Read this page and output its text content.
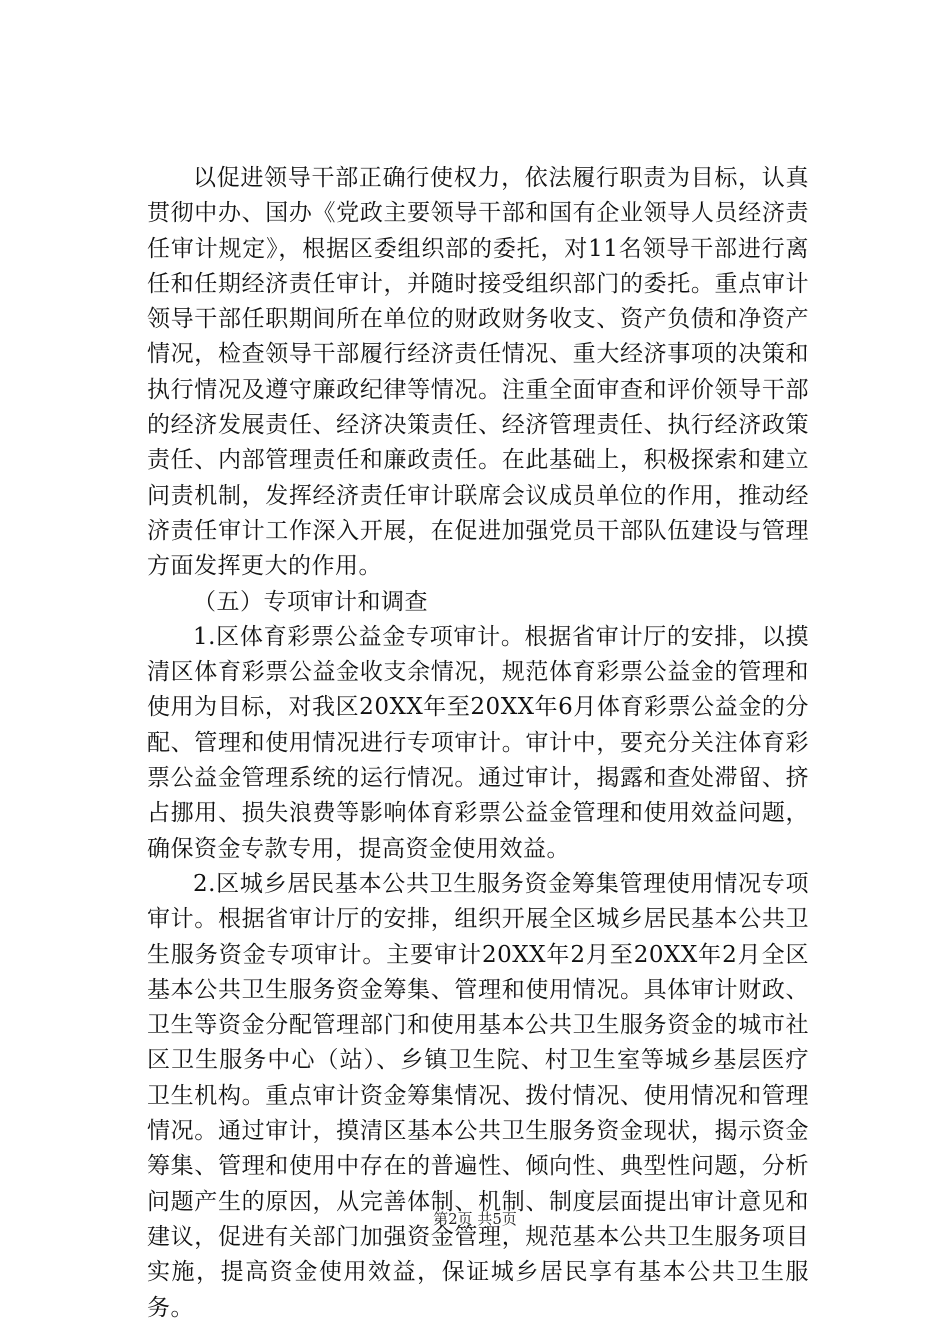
以促进领导干部正确行使权力，依法履行职责为目标，认真贯彻中办、国办《党政主要领导干部和国有企业领导人员经济责任审计规定》，根据区委组织部的委托，对11名领导干部进行离任和任期经济责任审计，并随时接受组织部门的委托。重点审计领导干部任职期间所在单位的财政财务收支、资产负债和净资产情况，检查领导干部履行经济责任情况、重大经济事项的决策和执行情况及遵守廉政纪律等情况。注重全面审查和评价领导干部的经济发展责任、经济决策责任、经济管理责任、执行经济政策责任、内部管理责任和廉政责任。在此基础上，积极探索和建立问责机制，发挥经济责任审计联席会议成员单位的作用，推动经济责任审计工作深入开展，在促进加强党员干部队伍建设与管理方面发挥更大的作用。

（五）专项审计和调查

1.区体育彩票公益金专项审计。根据省审计厅的安排，以摸清区体育彩票公益金收支余情况，规范体育彩票公益金的管理和使用为目标，对我区20XX年至20XX年6月体育彩票公益金的分配、管理和使用情况进行专项审计。审计中，要充分关注体育彩票公益金管理系统的运行情况。通过审计，揭露和查处滞留、挤占挪用、损失浪费等影响体育彩票公益金管理和使用效益问题，确保资金专款专用，提高资金使用效益。

2.区城乡居民基本公共卫生服务资金筹集管理使用情况专项审计。根据省审计厅的安排，组织开展全区城乡居民基本公共卫生服务资金专项审计。主要审计20XX年2月至20XX年2月全区基本公共卫生服务资金筹集、管理和使用情况。具体审计财政、卫生等资金分配管理部门和使用基本公共卫生服务资金的城市社区卫生服务中心（站）、乡镇卫生院、村卫生室等城乡基层医疗卫生机构。重点审计资金筹集情况、拨付情况、使用情况和管理情况。通过审计，摸清区基本公共卫生服务资金现状，揭示资金筹集、管理和使用中存在的普遍性、倾向性、典型性问题，分析问题产生的原因，从完善体制、机制、制度层面提出审计意见和建议，促进有关部门加强资金管理，规范基本公共卫生服务项目实施，提高资金使用效益，保证城乡居民享有基本公共卫生服务。

第2页 共5页
